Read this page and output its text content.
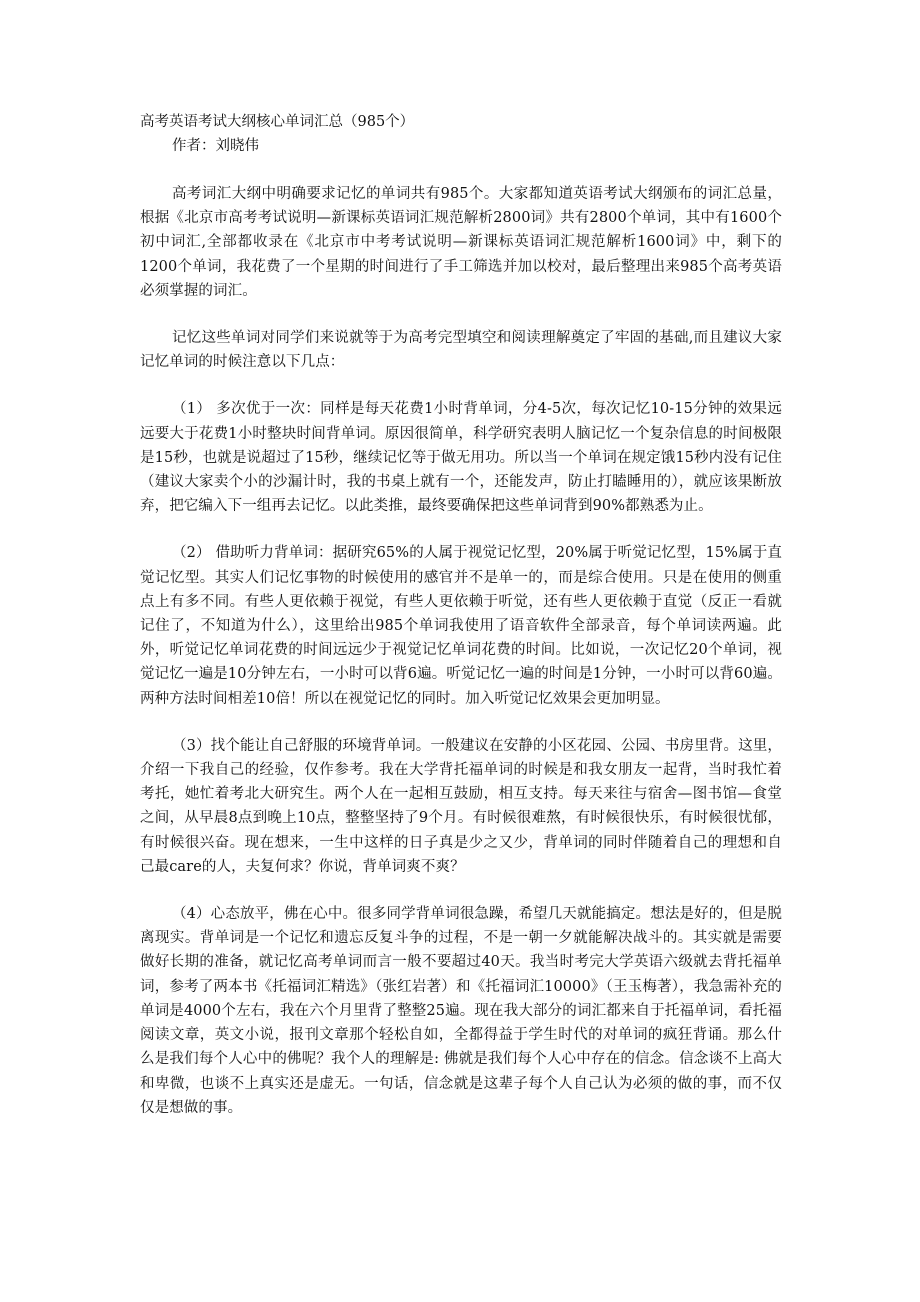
高考英语考试大纲核心单词汇总（985个）

作者：刘晓伟

高考词汇大纲中明确要求记忆的单词共有985个。大家都知道英语考试大纲颁布的词汇总量，根据《北京市高考考试说明—新课标英语词汇规范解析2800词》共有2800个单词，其中有1600个初中词汇,全部都收录在《北京市中考考试说明—新课标英语词汇规范解析1600词》中，剩下的1200个单词，我花费了一个星期的时间进行了手工筛选并加以校对，最后整理出来985个高考英语必须掌握的词汇。

记忆这些单词对同学们来说就等于为高考完型填空和阅读理解奠定了牢固的基础,而且建议大家记忆单词的时候注意以下几点：

（1） 多次优于一次：同样是每天花费1小时背单词，分4-5次，每次记忆10-15分钟的效果远远要大于花费1小时整块时间背单词。原因很简单，科学研究表明人脑记忆一个复杂信息的时间极限是15秒，也就是说超过了15秒，继续记忆等于做无用功。所以当一个单词在规定饿15秒内没有记住（建议大家卖个小的沙漏计时，我的书桌上就有一个，还能发声，防止打瞌睡用的），就应该果断放弃，把它编入下一组再去记忆。以此类推，最终要确保把这些单词背到90%都熟悉为止。

（2） 借助听力背单词：据研究65%的人属于视觉记忆型，20%属于听觉记忆型，15%属于直觉记忆型。其实人们记忆事物的时候使用的感官并不是单一的，而是综合使用。只是在使用的侧重点上有多不同。有些人更依赖于视觉，有些人更依赖于听觉，还有些人更依赖于直觉（反正一看就记住了，不知道为什么），这里给出985个单词我使用了语音软件全部录音，每个单词读两遍。此外，听觉记忆单词花费的时间远远少于视觉记忆单词花费的时间。比如说，一次记忆20个单词，视觉记忆一遍是10分钟左右，一小时可以背6遍。听觉记忆一遍的时间是1分钟，一小时可以背60遍。两种方法时间相差10倍！所以在视觉记忆的同时。加入听觉记忆效果会更加明显。

（3）找个能让自己舒服的环境背单词。一般建议在安静的小区花园、公园、书房里背。这里，介绍一下我自己的经验，仅作参考。我在大学背托福单词的时候是和我女朋友一起背，当时我忙着考托，她忙着考北大研究生。两个人在一起相互鼓励，相互支持。每天来往与宿舍—图书馆—食堂之间，从早晨8点到晚上10点，整整坚持了9个月。有时候很难熬，有时候很快乐，有时候很忧郁，有时候很兴奋。现在想来，一生中这样的日子真是少之又少，背单词的同时伴随着自己的理想和自己最care的人，夫复何求？你说，背单词爽不爽？

（4）心态放平，佛在心中。很多同学背单词很急躁，希望几天就能搞定。想法是好的，但是脱离现实。背单词是一个记忆和遗忘反复斗争的过程，不是一朝一夕就能解决战斗的。其实就是需要做好长期的准备，就记忆高考单词而言一般不要超过40天。我当时考完大学英语六级就去背托福单词，参考了两本书《托福词汇精选》（张红岩著）和《托福词汇10000》（王玉梅著），我急需补充的单词是4000个左右，我在六个月里背了整整25遍。现在我大部分的词汇都来自于托福单词，看托福阅读文章，英文小说，报刊文章那个轻松自如，全都得益于学生时代的对单词的疯狂背诵。那么什么是我们每个人心中的佛呢？我个人的理解是: 佛就是我们每个人心中存在的信念。信念谈不上高大和卑微，也谈不上真实还是虚无。一句话，信念就是这辈子每个人自己认为必须的做的事，而不仅仅是想做的事。
